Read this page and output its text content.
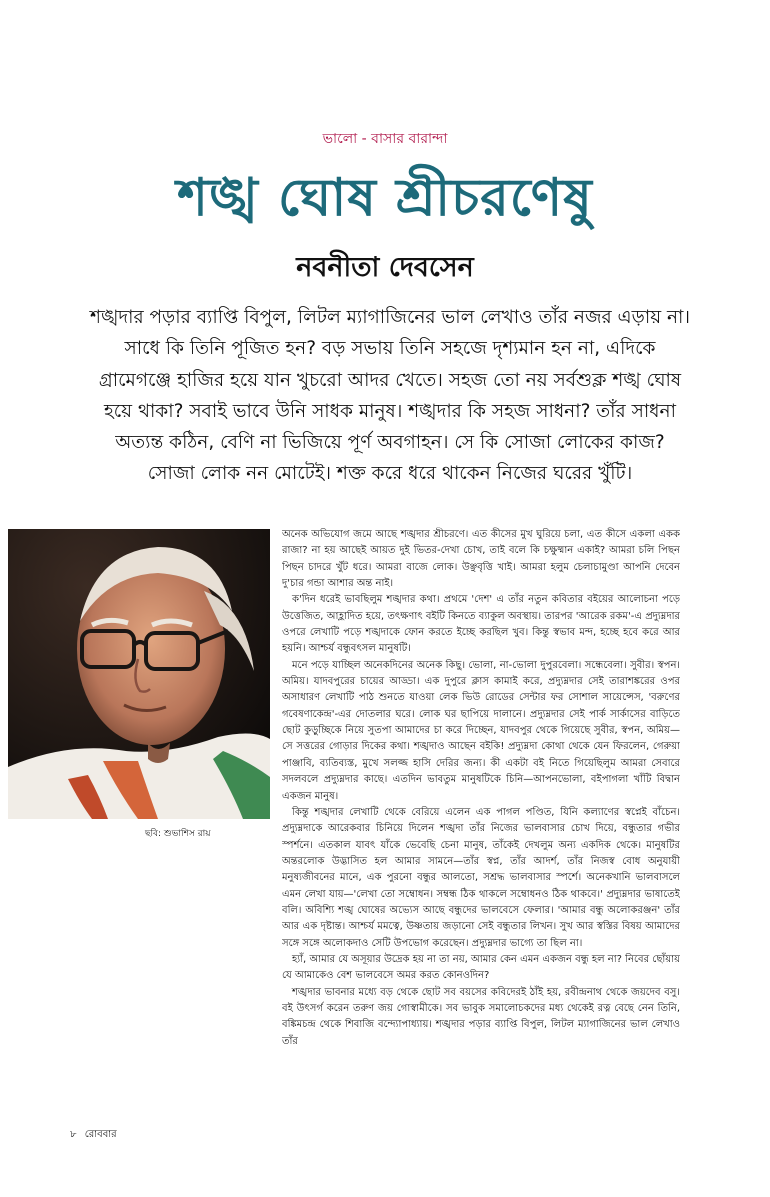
ভালো - বাসার বারান্দা
শঙ্খ ঘোষ শ্রীচরণেষু
নবনীতা দেবসেন

শঙ্খদার পড়ার ব্যাপ্তি বিপুল, লিটল ম্যাগাজিনের ভাল লেখাও তাঁর নজর এড়ায় না। সাধে কি তিনি পূজিত হন? বড় সভায় তিনি সহজে দৃশ্যমান হন না, এদিকে গ্রামেগঞ্জে হাজির হয়ে যান খুচরো আদর খেতে। সহজ তো নয় সর্বশুক্ল শঙ্খ ঘোষ হয়ে থাকা? সবাই ভাবে উনি সাধক মানুষ। শঙ্খদার কি সহজ সাধনা? তাঁর সাধনা অত্যন্ত কঠিন, বেণি না ভিজিয়ে পূর্ণ অবগাহন। সে কি সোজা লোকের কাজ? সোজা লোক নন মোটেই। শক্ত করে ধরে থাকেন নিজের ঘরের খুঁটি।

ছবি: শুভাশিস রায়

অনেক অভিযোগ জমে আছে শঙ্খদার শ্রীচরণে। এত কীসের মুখ ঘুরিয়ে চলা, এত কীসে একলা একক রাজা? না হয় আছেই আয়ত দুই ভিতর-দেখা চোখ, তাই বলে কি চক্ষুষ্মান একাই? আমরা চলি পিছন পিছন চাদরে খুঁট ধরে। আমরা বাজে লোক। উঞ্ছবৃত্তি খাই। আমরা হলুম চেলাচামুণ্ডা আপনি দেবেন দু'চার গন্ডা আশার অন্ত নাই।

ক'দিন ধরেই ভাবছিলুম শঙ্খদার কথা। প্রথমে 'দেশ' এ তাঁর নতুন কবিতার বইয়ের আলোচনা পড়ে উত্তেজিত, আহ্লাদিত হয়ে, তৎক্ষণাৎ বইটি কিনতে ব্যাকুল অবস্থায়। তারপর 'আরেক রকম'-এ প্রদ্যুম্নদার ওপরে লেখাটি পড়ে শঙ্খদাকে ফোন করতে ইচ্ছে করছিল খুব। কিন্তু স্বভাব মন্দ, হচ্ছে হবে করে আর হয়নি। আশ্চর্য বন্ধুবৎসল মানুষটি।

মনে পড়ে যাচ্ছিল অনেকদিনের অনেক কিছু। ভোলা, না-ভোলা দুপুরবেলা। সন্ধেবেলা। সুবীর। স্বপন। অমিয়। যাদবপুরের চায়ের আড্ডা। এক দুপুরে ক্লাস কামাই করে, প্রদ্যুম্নদার সেই তারাশঙ্করের ওপর অসাধারণ লেখাটি পাঠ শুনতে যাওয়া লেক ভিউ রোডের সেন্টার ফর সোশাল সায়েন্সেস, 'বরুণের গবেষণাকেন্দ্র'-এর দোতলার ঘরে। লোক ঘর ছাপিয়ে দালানে। প্রদ্যুম্নদার সেই পার্ক সার্কাসের বাড়িতে ছোট কুড়ুচ্ছিকে নিয়ে সুতপা আমাদের চা করে দিচ্ছেন, যাদবপুর থেকে গিয়েছে সুবীর, স্বপন, অমিয়—সে সত্তরের গোড়ার দিকের কথা। শঙ্খদাও আছেন বইকি! প্রদ্যুম্নদা কোথা থেকে যেন ফিরলেন, গেরুয়া পাঞ্জাবি, ব্যতিব্যস্ত, মুখে সলজ্জ হাসি দেরির জন্য। কী একটা বই নিতে গিয়েছিলুম আমরা সেবারে সদলবলে প্রদ্যুম্নদার কাছে। এতদিন ভাবতুম মানুষটিকে চিনি—আপনভোলা, বইপাগলা খাঁটি বিদ্বান একজন মানুষ।

কিন্তু শঙ্খদার লেখাটি থেকে বেরিয়ে এলেন এক পাগল পণ্ডিত, যিনি কল্যাণের স্বপ্নেই বাঁচেন। প্রদ্যুম্নদাকে আরেকবার চিনিয়ে দিলেন শঙ্খদা তাঁর নিজের ভালবাসার চোখ দিয়ে, বন্ধুতার গভীর স্পর্শনে। এতকাল যাবৎ যাঁকে ভেবেছি চেনা মানুষ, তাঁকেই দেখলুম অন্য একদিক থেকে। মানুষটির অন্তরলোক উদ্ভাসিত হল আমার সামনে—তাঁর স্বপ্ন, তাঁর আদর্শ, তাঁর নিজস্ব বোধ অনুযায়ী মনুষ্যজীবনের মানে, এক পুরনো বন্ধুর আলতো, সশ্রদ্ধ ভালবাসার স্পর্শে। অনেকখানি ভালবাসলে এমন লেখা যায়—'লেখা তো সম্বোধন। সম্বন্ধ ঠিক থাকলে সম্বোধনও ঠিক থাকবে।' প্রদ্যুম্নদার ভাষাতেই বলি। অবিশ্যি শঙ্খ ঘোষের অভ্যেস আছে বন্ধুদের ভালবেসে ফেলার। 'আমার বন্ধু অলোকরঞ্জন' তাঁর আর এক দৃষ্টান্ত। আশ্চর্য মমত্বে, উষ্ণতায় জড়ানো সেই বন্ধুতার লিখন। সুখ আর স্বস্তির বিষয় আমাদের সঙ্গে সঙ্গে অলোকদাও সেটি উপভোগ করেছেন। প্রদ্যুম্নদার ভাগ্যে তা ছিল না।

হ্যাঁ, আমার যে অসূয়ার উদ্রেক হয় না তা নয়, আমার কেন এমন একজন বন্ধু হল না? নিবের ছোঁয়ায় যে আমাকেও বেশ ভালবেসে অমর করত কোনওদিন?

শঙ্খদার ভাবনার মধ্যে বড় থেকে ছোট সব বয়সের কবিদেরই ঠাঁই হয়, রবীন্দ্রনাথ থেকে জয়দেব বসু। বই উৎসর্গ করেন তরুণ জয় গোস্বামীকে। সব ভাবুক সমালোচকদের মধ্য থেকেই রত্ন বেছে নেন তিনি, বঙ্কিমচন্দ্র থেকে শিবাজি বন্দ্যোপাধ্যায়। শঙ্খদার পড়ার ব্যাপ্তি বিপুল, লিটল ম্যাগাজিনের ভাল লেখাও তাঁর

৮ রোববার
